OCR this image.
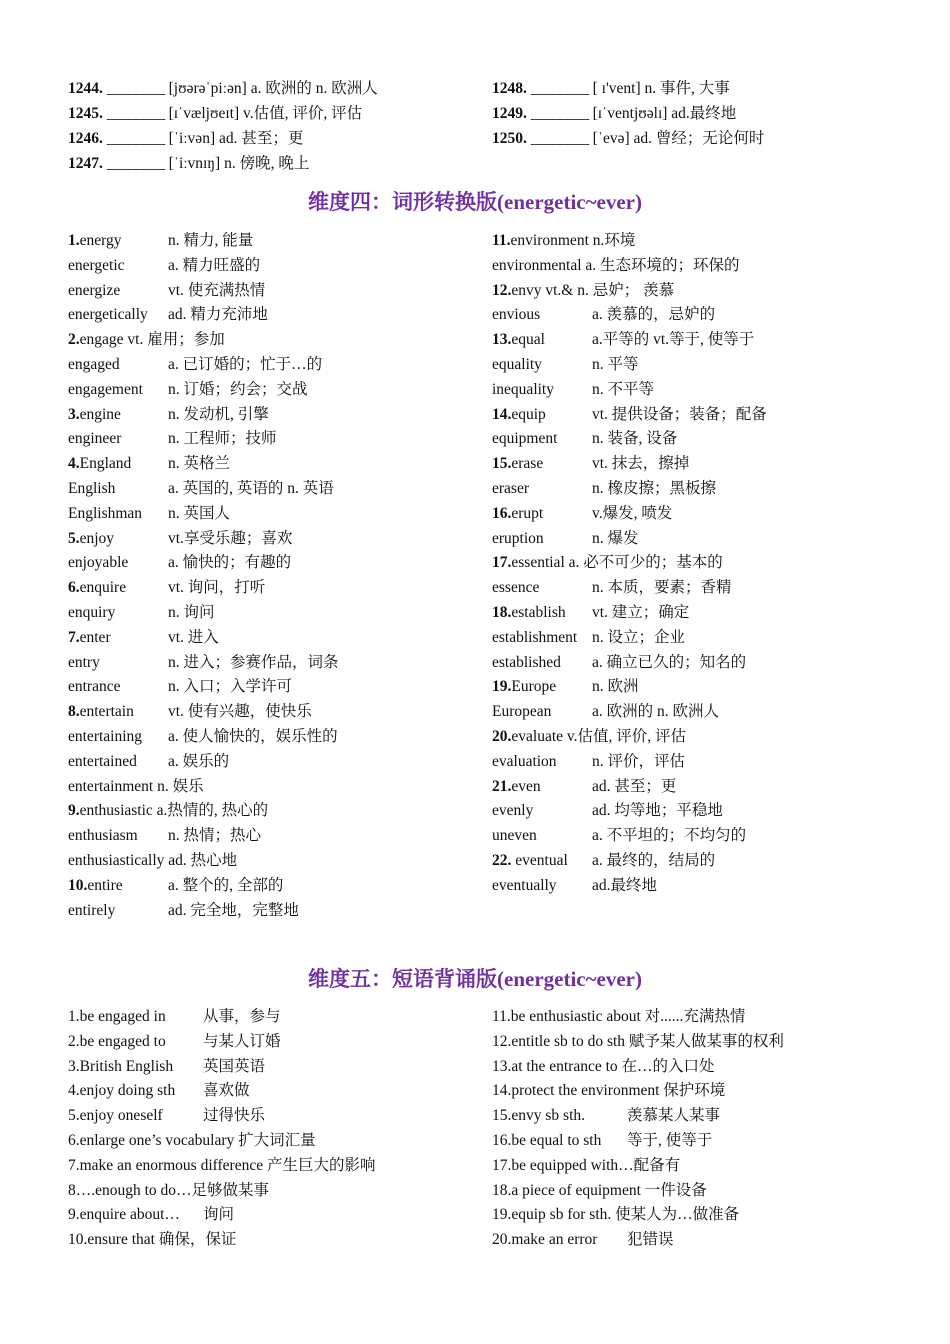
1244. ________ [jʊərəˈpiːən] a. 欧洲的 n. 欧洲人
1245. ________ [ɪˈvæljʊeɪt] v.估值, 评价, 评估
1246. ________ [ˈiːvən] ad. 甚至；更
1247. ________ [ˈiːvnɪŋ] n. 傍晚, 晚上
1248. ________ [ ɪ'vent] n. 事件, 大事
1249. ________ [ɪˈventjʊəlɪ] ad.最终地
1250. ________ [ˈevə] ad. 曾经；无论何时
维度四：词形转换版(energetic~ever)
1.energy	n. 精力, 能量
energetic	a. 精力旺盛的
energize	vt. 使充满热情
energetically ad. 精力充沛地
2.engage vt. 雇用；参加
engaged	a. 已订婚的；忙于…的
engagement n. 订婚；约会；交战
3.engine	n. 发动机, 引擎
engineer	n. 工程师；技师
4.England n. 英格兰
English	a. 英国的, 英语的 n. 英语
Englishman n. 英国人
5.enjoy	vt.享受乐趣；喜欢
enjoyable	a. 愉快的；有趣的
6.enquire	vt. 询问，打听
enquiry	n. 询问
7.enter	vt. 进入
entry	n. 进入；参赛作品，词条
entrance	n. 入口；入学许可
8.entertain vt. 使有兴趣，使快乐
entertaining a. 使人愉快的，娱乐性的
entertained a. 娱乐的
entertainment n. 娱乐
9.enthusiastic a.热情的, 热心的
enthusiasm n. 热情；热心
enthusiastically ad. 热心地
10.entire	a. 整个的, 全部的
entirely	ad. 完全地，完整地
11.environment n.环境
environmental a. 生态环境的；环保的
12.envy vt.& n. 忌妒； 羡慕
envious	a. 羡慕的，忌妒的
13.equal	a.平等的 vt.等于, 使等于
equality	n. 平等
inequality n. 不平等
14.equip	vt. 提供设备；装备；配备
equipment n. 装备, 设备
15.erase	vt. 抹去，擦掉
eraser	n. 橡皮擦；黑板擦
16.erupt	v.爆发, 喷发
eruption	n. 爆发
17.essential a. 必不可少的；基本的
essence	n. 本质，要素；香精
18.establish vt. 建立；确定
establishment n. 设立；企业
established a. 确立已久的；知名的
19.Europe n. 欧洲
European	a. 欧洲的 n. 欧洲人
20.evaluate v.估值, 评价, 评估
evaluation n. 评价，评估
21.even	ad. 甚至；更
evenly	ad. 均等地；平稳地
uneven	a. 不平坦的；不均匀的
22. eventual a. 最终的，结局的
eventually ad.最终地
维度五：短语背诵版(energetic~ever)
1.be engaged in 从事，参与
2.be engaged to 与某人订婚
3.British English 英国英语
4.enjoy doing sth 喜欢做
5.enjoy oneself	过得快乐
6.enlarge one’s vocabulary 扩大词汇量
7.make an enormous difference 产生巨大的影响
8….enough to do…足够做某事
9.enquire about… 询问
10.ensure that 确保，保证
11.be enthusiastic about 对......充满热情
12.entitle sb to do sth 赋予某人做某事的权利
13.at the entrance to 在…的入口处
14.protect the environment 保护环境
15.envy sb sth.	羡慕某人某事
16.be equal to sth 等于, 使等于
17.be equipped with…配备有
18.a piece of equipment 一件设备
19.equip sb for sth. 使某人为…做准备
20.make an error 犯错误
